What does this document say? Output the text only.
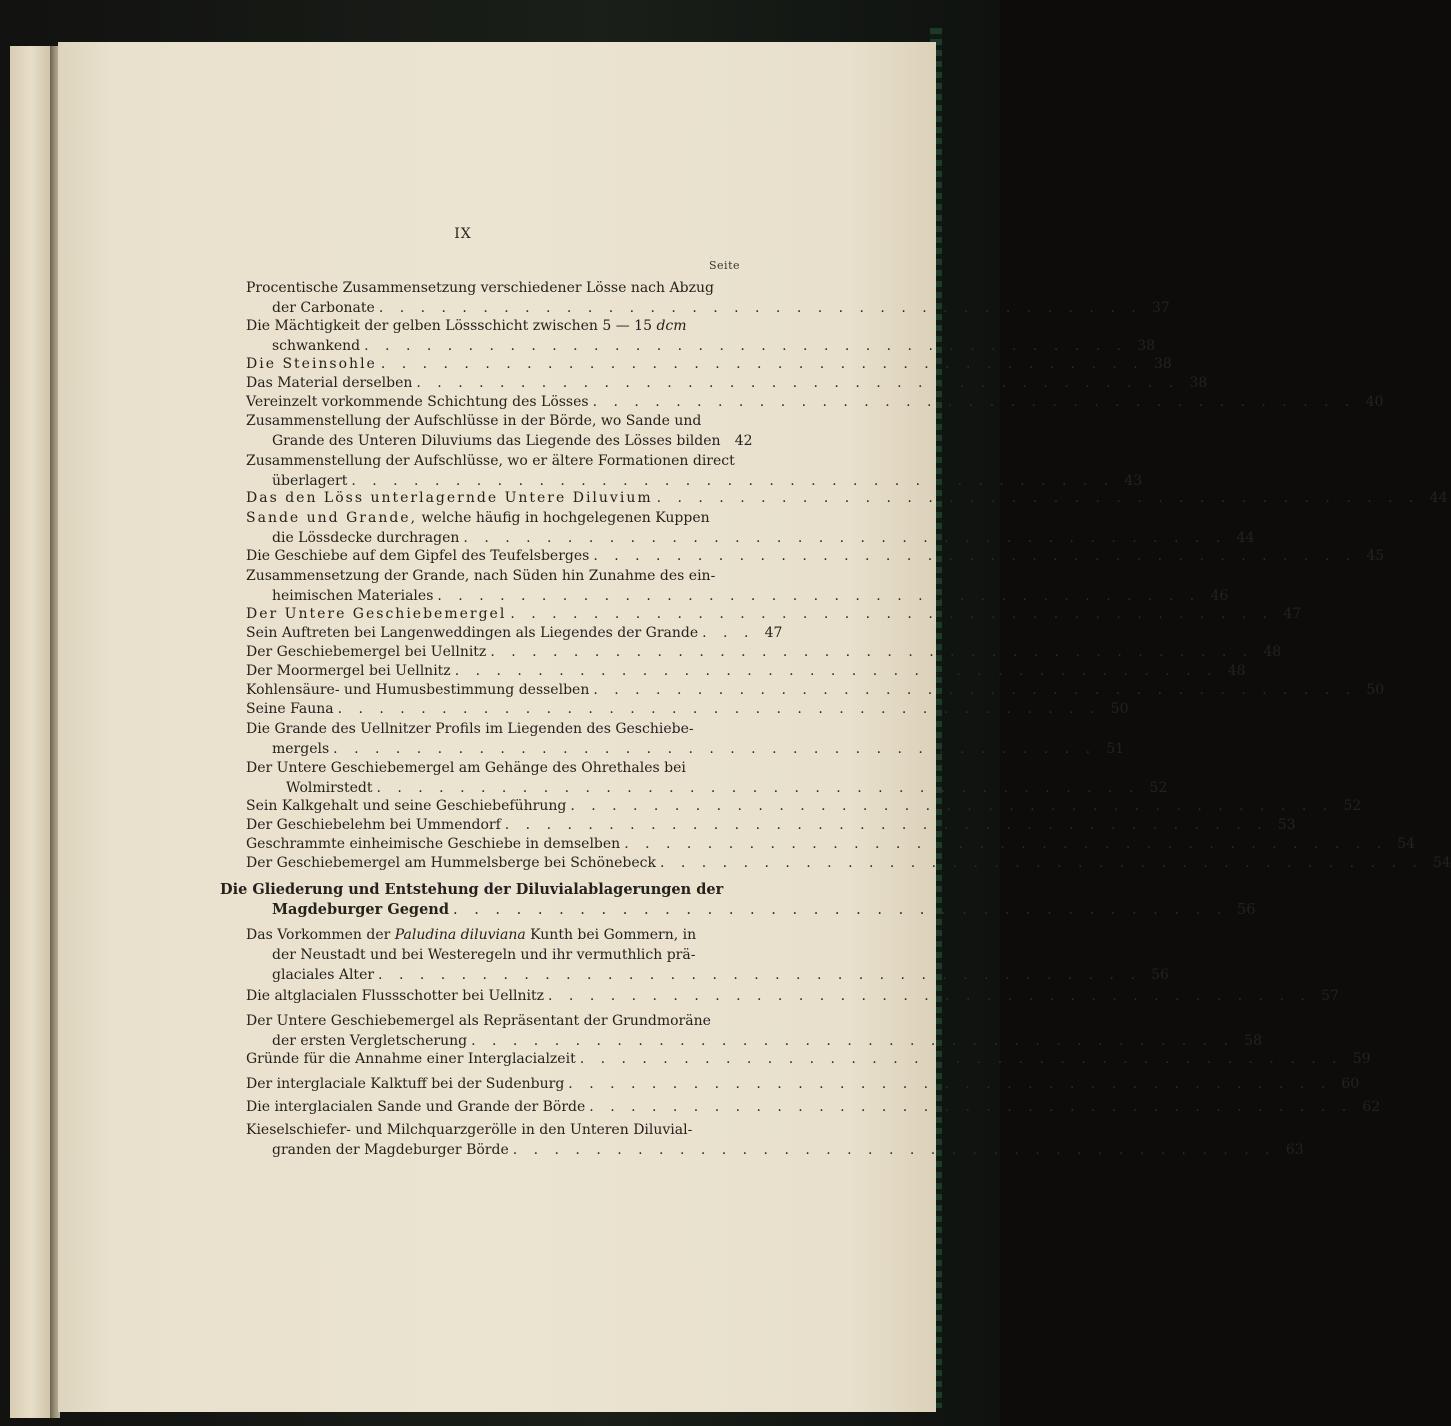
IX
Seite
Procentische Zusammensetzung verschiedener Lösse nach Abzug
der Carbonate . . . . . . . . . . . . . . . . . . . . . . . . . . . . . . . . . . . . . 37
Die Mächtigkeit der gelben Lössschicht zwischen 5 — 15
dcm
schwankend . . . . . . . . . . . . . . . . . . . . . . . . . . . . . . . . . . . . . 38
Die Steinsohle . . . . . . . . . . . . . . . . . . . . . . . . . . . . . . . . . . . . . 38
Das Material derselben . . . . . . . . . . . . . . . . . . . . . . . . . . . . . . . . . . . . . 38
Vereinzelt vorkommende Schichtung des Lösses . . . . . . . . . . . . . . . . . . . . . . . . . . . . . . . . . . . . . 40
Zusammenstellung der Aufschlüsse in der Börde, wo Sande und
Grande des Unteren Diluviums das Liegende des Lösses bilden	42
Zusammenstellung der Aufschlüsse, wo er ältere Formationen direct
überlagert . . . . . . . . . . . . . . . . . . . . . . . . . . . . . . . . . . . . . 43
Das den Löss unterlagernde Untere Diluvium . . . . . . . . . . . . . . . . . . . . . . . . . . . . . . . . . . . . . 44
Sande und Grande,
welche häufig in hochgelegenen Kuppen
die Lössdecke durchragen . . . . . . . . . . . . . . . . . . . . . . . . . . . . . . . . . . . . . 44
Die Geschiebe auf dem Gipfel des Teufelsberges . . . . . . . . . . . . . . . . . . . . . . . . . . . . . . . . . . . . . 45
Zusammensetzung der Grande, nach Süden hin Zunahme des ein-
heimischen Materiales . . . . . . . . . . . . . . . . . . . . . . . . . . . . . . . . . . . . . 46
Der Untere Geschiebemergel . . . . . . . . . . . . . . . . . . . . . . . . . . . . . . . . . . . . . 47
Sein Auftreten bei Langenweddingen als Liegendes der Grande . . . 47
Der Geschiebemergel bei Uellnitz . . . . . . . . . . . . . . . . . . . . . . . . . . . . . . . . . . . . . 48
Der Moormergel bei Uellnitz . . . . . . . . . . . . . . . . . . . . . . . . . . . . . . . . . . . . . 48
Kohlensäure- und Humusbestimmung desselben . . . . . . . . . . . . . . . . . . . . . . . . . . . . . . . . . . . . . 50
Seine Fauna . . . . . . . . . . . . . . . . . . . . . . . . . . . . . . . . . . . . . 50
Die Grande des Uellnitzer Profils im Liegenden des Geschiebe-
mergels . . . . . . . . . . . . . . . . . . . . . . . . . . . . . . . . . . . . . 51
Der Untere Geschiebemergel am Gehänge des Ohrethales bei
Wolmirstedt . . . . . . . . . . . . . . . . . . . . . . . . . . . . . . . . . . . . . 52
Sein Kalkgehalt und seine Geschiebeführung . . . . . . . . . . . . . . . . . . . . . . . . . . . . . . . . . . . . . 52
Der Geschiebelehm bei Ummendorf . . . . . . . . . . . . . . . . . . . . . . . . . . . . . . . . . . . . . 53
Geschrammte einheimische Geschiebe in demselben . . . . . . . . . . . . . . . . . . . . . . . . . . . . . . . . . . . . . 54
Der Geschiebemergel am Hummelsberge bei Schönebeck . . . . . . . . . . . . . . . . . . . . . . . . . . . . . . . . . . . . . 54
Die Gliederung und Entstehung der Diluvialablagerungen der
Magdeburger Gegend . . . . . . . . . . . . . . . . . . . . . . . . . . . . . . . . . . . . . 56
Das Vorkommen der
Paludina diluviana
Kunth bei Gommern, in
der Neustadt und bei Westeregeln und ihr vermuthlich prä-
glaciales Alter . . . . . . . . . . . . . . . . . . . . . . . . . . . . . . . . . . . . . 56
Die altglacialen Flussschotter bei Uellnitz . . . . . . . . . . . . . . . . . . . . . . . . . . . . . . . . . . . . . 57
Der Untere Geschiebemergel als Repräsentant der Grundmoräne
der ersten Vergletscherung . . . . . . . . . . . . . . . . . . . . . . . . . . . . . . . . . . . . . 58
Gründe für die Annahme einer Interglacialzeit . . . . . . . . . . . . . . . . . . . . . . . . . . . . . . . . . . . . . 59
Der interglaciale Kalktuff bei der Sudenburg . . . . . . . . . . . . . . . . . . . . . . . . . . . . . . . . . . . . . 60
Die interglacialen Sande und Grande der Börde . . . . . . . . . . . . . . . . . . . . . . . . . . . . . . . . . . . . . 62
Kieselschiefer- und Milchquarzgerölle in den Unteren Diluvial-
granden der Magdeburger Börde . . . . . . . . . . . . . . . . . . . . . . . . . . . . . . . . . . . . . 63
